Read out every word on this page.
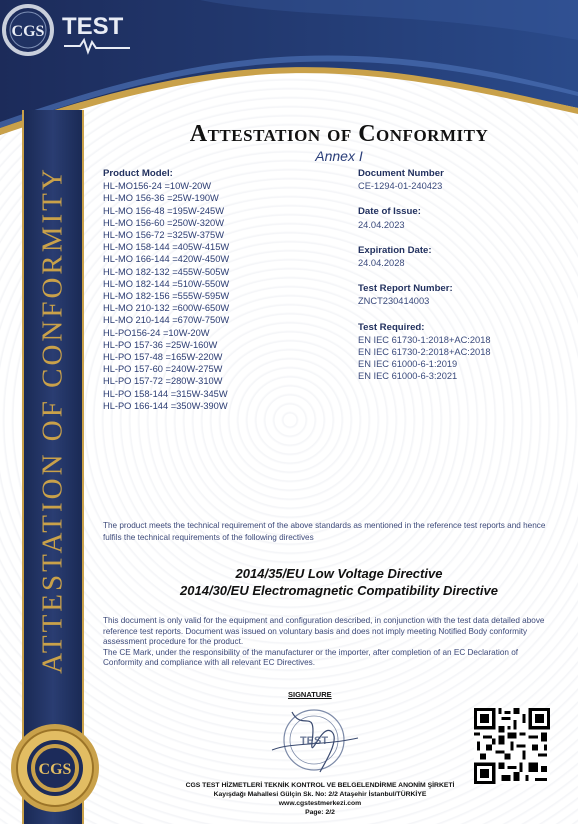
CGS TEST
ATTESTATION OF CONFORMITY
CGS
Attestation of Conformity
Annex I
Product Model:
HL-MO156-24 =10W-20W
HL-MO 156-36 =25W-190W
HL-MO 156-48 =195W-245W
HL-MO 156-60 =250W-320W
HL-MO 156-72 =325W-375W
HL-MO 158-144 =405W-415W
HL-MO 166-144 =420W-450W
HL-MO 182-132 =455W-505W
HL-MO 182-144 =510W-550W
HL-MO 182-156 =555W-595W
HL-MO 210-132 =600W-650W
HL-MO 210-144 =670W-750W
HL-PO156-24 =10W-20W
HL-PO 157-36 =25W-160W
HL-PO 157-48 =165W-220W
HL-PO 157-60 =240W-275W
HL-PO 157-72 =280W-310W
HL-PO 158-144 =315W-345W
HL-PO 166-144 =350W-390W
Document Number
CE-1294-01-240423
Date of Issue:
24.04.2023
Expiration Date:
24.04.2028
Test Report Number:
ZNCT230414003
Test Required:
EN IEC 61730-1:2018+AC:2018
EN IEC 61730-2:2018+AC:2018
EN IEC 61000-6-1:2019
EN IEC 61000-6-3:2021
The product meets the technical requirement of the above standards as mentioned in the reference test reports and hence fulfils the technical requirements of the following directives
2014/35/EU Low Voltage Directive
2014/30/EU Electromagnetic Compatibility Directive
This document is only valid for the equipment and configuration described, in conjunction with the test data detailed above reference test reports. Document was issued on voluntary basis and does not imply meeting Notified Body conformity assessment procedure for the product.
The CE Mark, under the responsibility of the manufacturer or the importer, after completion of an EC Declaration of Conformity and compliance with all relevant EC Directives.
SIGNATURE
TEST
CGS TEST HİZMETLERİ TEKNİK KONTROL VE BELGELENDİRME ANONİM ŞİRKETİ
Kayışdağı Mahallesi Gülçin Sk. No: 2/2 Ataşehir İstanbul/TÜRKİYE
www.cgstestmerkezi.com
Page: 2/2
